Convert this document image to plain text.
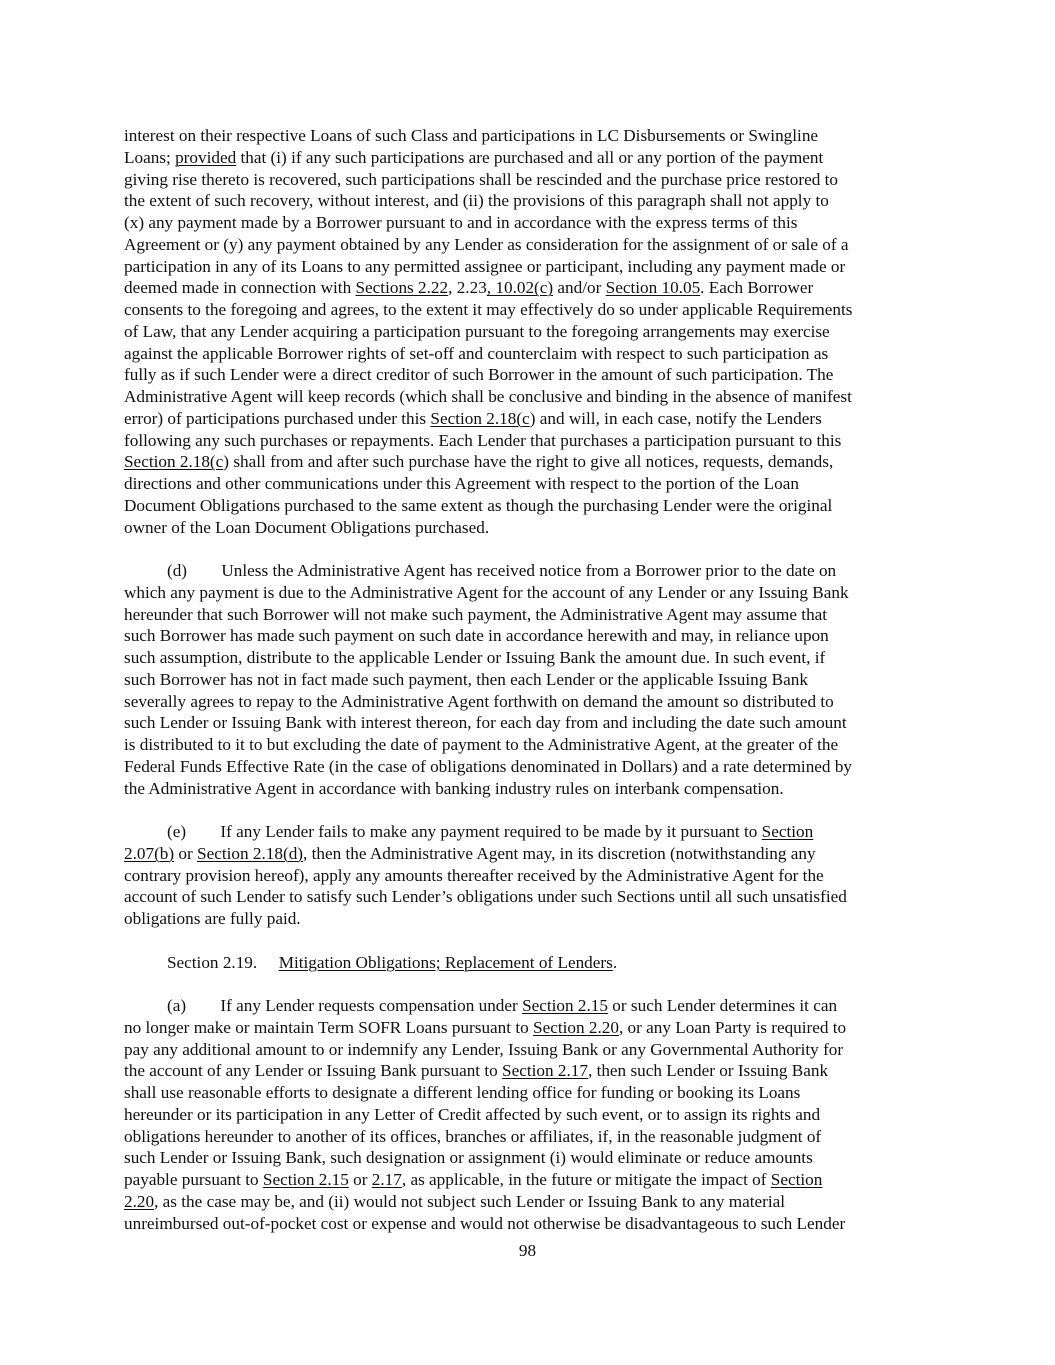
interest on their respective Loans of such Class and participations in LC Disbursements or Swingline
Loans; provided that (i) if any such participations are purchased and all or any portion of the payment
giving rise thereto is recovered, such participations shall be rescinded and the purchase price restored to
the extent of such recovery, without interest, and (ii) the provisions of this paragraph shall not apply to
(x) any payment made by a Borrower pursuant to and in accordance with the express terms of this
Agreement or (y) any payment obtained by any Lender as consideration for the assignment of or sale of a
participation in any of its Loans to any permitted assignee or participant, including any payment made or
deemed made in connection with Sections 2.22, 2.23, 10.02(c) and/or Section 10.05. Each Borrower
consents to the foregoing and agrees, to the extent it may effectively do so under applicable Requirements
of Law, that any Lender acquiring a participation pursuant to the foregoing arrangements may exercise
against the applicable Borrower rights of set-off and counterclaim with respect to such participation as
fully as if such Lender were a direct creditor of such Borrower in the amount of such participation. The
Administrative Agent will keep records (which shall be conclusive and binding in the absence of manifest
error) of participations purchased under this Section 2.18(c) and will, in each case, notify the Lenders
following any such purchases or repayments. Each Lender that purchases a participation pursuant to this
Section 2.18(c) shall from and after such purchase have the right to give all notices, requests, demands,
directions and other communications under this Agreement with respect to the portion of the Loan
Document Obligations purchased to the same extent as though the purchasing Lender were the original
owner of the Loan Document Obligations purchased.
(d)        Unless the Administrative Agent has received notice from a Borrower prior to the date on
which any payment is due to the Administrative Agent for the account of any Lender or any Issuing Bank
hereunder that such Borrower will not make such payment, the Administrative Agent may assume that
such Borrower has made such payment on such date in accordance herewith and may, in reliance upon
such assumption, distribute to the applicable Lender or Issuing Bank the amount due. In such event, if
such Borrower has not in fact made such payment, then each Lender or the applicable Issuing Bank
severally agrees to repay to the Administrative Agent forthwith on demand the amount so distributed to
such Lender or Issuing Bank with interest thereon, for each day from and including the date such amount
is distributed to it to but excluding the date of payment to the Administrative Agent, at the greater of the
Federal Funds Effective Rate (in the case of obligations denominated in Dollars) and a rate determined by
the Administrative Agent in accordance with banking industry rules on interbank compensation.
(e)        If any Lender fails to make any payment required to be made by it pursuant to Section
2.07(b) or Section 2.18(d), then the Administrative Agent may, in its discretion (notwithstanding any
contrary provision hereof), apply any amounts thereafter received by the Administrative Agent for the
account of such Lender to satisfy such Lender’s obligations under such Sections until all such unsatisfied
obligations are fully paid.
Section 2.19.     Mitigation Obligations; Replacement of Lenders.
(a)        If any Lender requests compensation under Section 2.15 or such Lender determines it can
no longer make or maintain Term SOFR Loans pursuant to Section 2.20, or any Loan Party is required to
pay any additional amount to or indemnify any Lender, Issuing Bank or any Governmental Authority for
the account of any Lender or Issuing Bank pursuant to Section 2.17, then such Lender or Issuing Bank
shall use reasonable efforts to designate a different lending office for funding or booking its Loans
hereunder or its participation in any Letter of Credit affected by such event, or to assign its rights and
obligations hereunder to another of its offices, branches or affiliates, if, in the reasonable judgment of
such Lender or Issuing Bank, such designation or assignment (i) would eliminate or reduce amounts
payable pursuant to Section 2.15 or 2.17, as applicable, in the future or mitigate the impact of Section
2.20, as the case may be, and (ii) would not subject such Lender or Issuing Bank to any material
unreimbursed out-of-pocket cost or expense and would not otherwise be disadvantageous to such Lender
98
